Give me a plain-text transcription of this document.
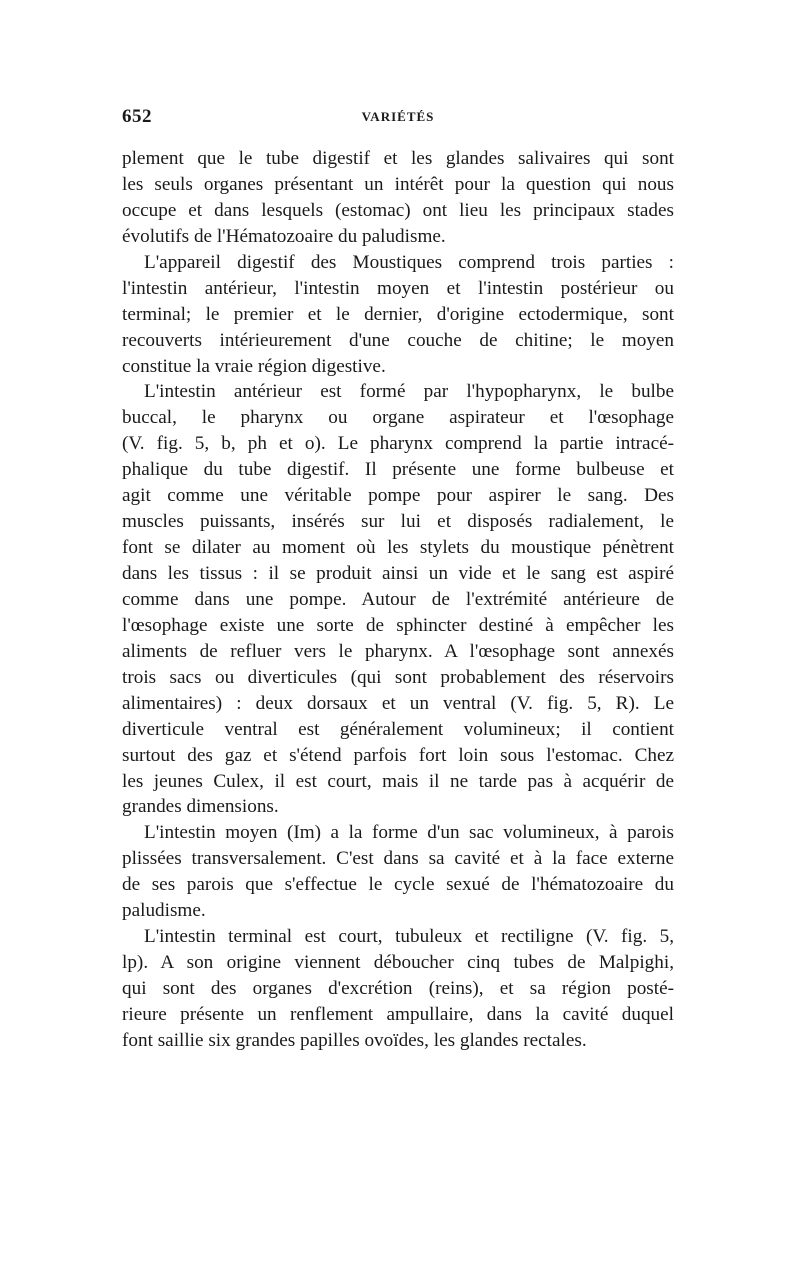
652	VARIÉTÉS
plement que le tube digestif et les glandes salivaires qui sont
les seuls organes présentant un intérêt pour la question qui nous
occupe et dans lesquels (estomac) ont lieu les principaux stades
évolutifs de l'Hématozoaire du paludisme.
L'appareil digestif des Moustiques comprend trois parties :
l'intestin antérieur, l'intestin moyen et l'intestin postérieur ou
terminal; le premier et le dernier, d'origine ectodermique, sont
recouverts intérieurement d'une couche de chitine; le moyen
constitue la vraie région digestive.
L'intestin antérieur est formé par l'hypopharynx, le bulbe
buccal, le pharynx ou organe aspirateur et l'œsophage
(V. fig. 5, b, ph et o). Le pharynx comprend la partie intracé-
phalique du tube digestif. Il présente une forme bulbeuse et
agit comme une véritable pompe pour aspirer le sang. Des
muscles puissants, insérés sur lui et disposés radialement, le
font se dilater au moment où les stylets du moustique pénètrent
dans les tissus : il se produit ainsi un vide et le sang est aspiré
comme dans une pompe. Autour de l'extrémité antérieure de
l'œsophage existe une sorte de sphincter destiné à empêcher les
aliments de refluer vers le pharynx. A l'œsophage sont annexés
trois sacs ou diverticules (qui sont probablement des réservoirs
alimentaires) : deux dorsaux et un ventral (V. fig. 5, R). Le
diverticule ventral est généralement volumineux; il contient
surtout des gaz et s'étend parfois fort loin sous l'estomac. Chez
les jeunes Culex, il est court, mais il ne tarde pas à acquérir de
grandes dimensions.
L'intestin moyen (Im) a la forme d'un sac volumineux, à parois
plissées transversalement. C'est dans sa cavité et à la face externe
de ses parois que s'effectue le cycle sexué de l'hématozoaire du
paludisme.
L'intestin terminal est court, tubuleux et rectiligne (V. fig. 5,
lp). A son origine viennent déboucher cinq tubes de Malpighi,
qui sont des organes d'excrétion (reins), et sa région posté-
rieure présente un renflement ampullaire, dans la cavité duquel
font saillie six grandes papilles ovoïdes, les glandes rectales.
